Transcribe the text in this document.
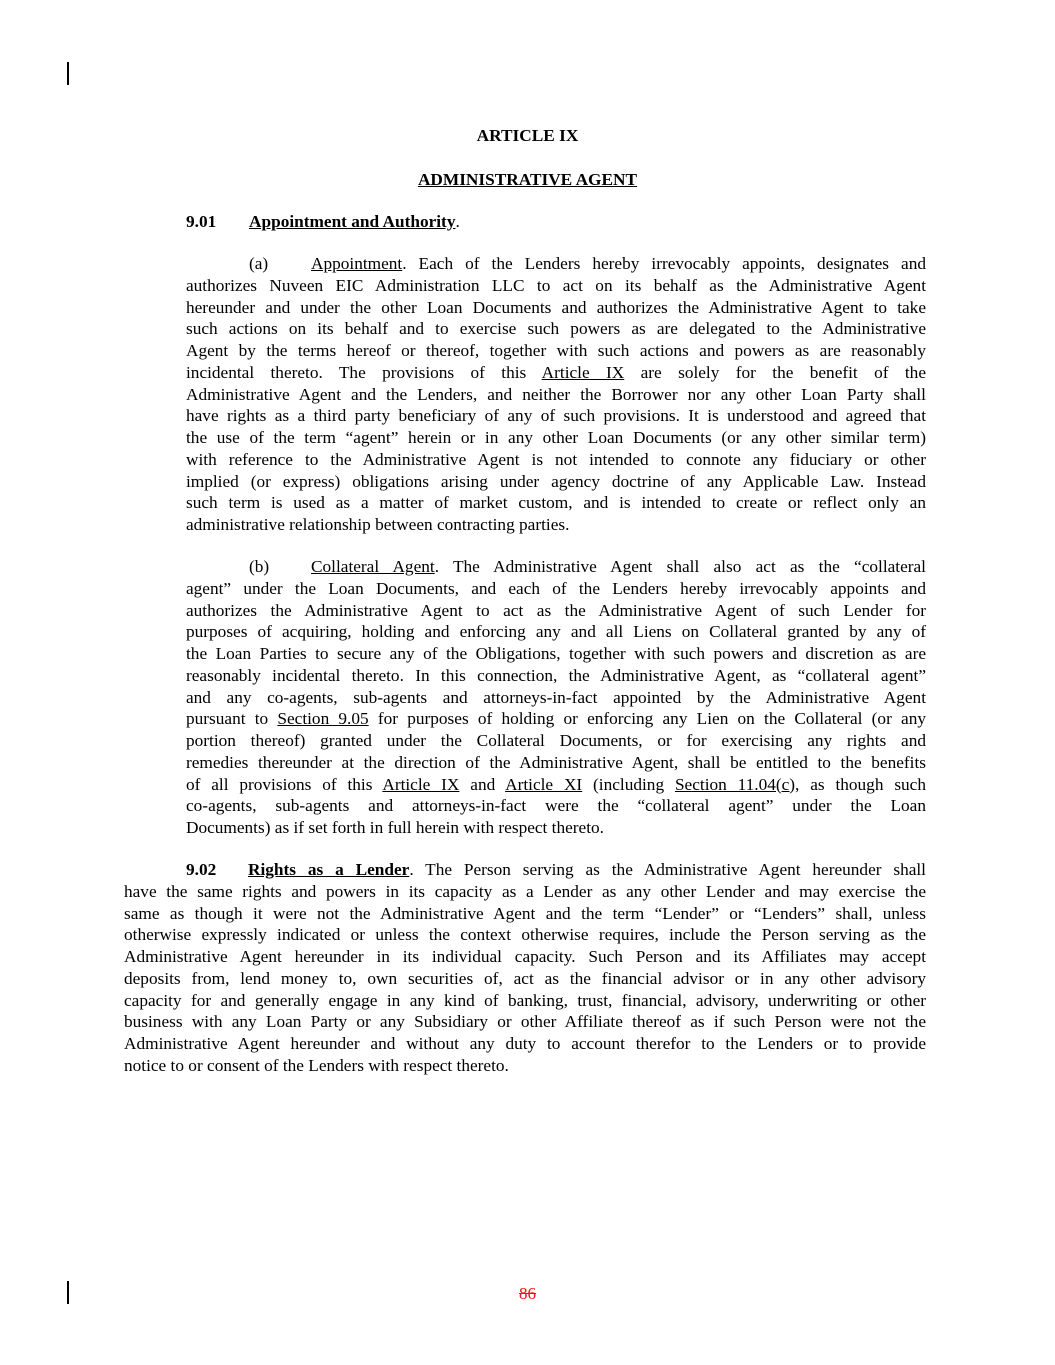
ARTICLE IX
ADMINISTRATIVE AGENT
9.01 Appointment and Authority.
(a) Appointment. Each of the Lenders hereby irrevocably appoints, designates and
authorizes Nuveen EIC Administration LLC to act on its behalf as the Administrative Agent
hereunder and under the other Loan Documents and authorizes the Administrative Agent to take
such actions on its behalf and to exercise such powers as are delegated to the Administrative
Agent by the terms hereof or thereof, together with such actions and powers as are reasonably
incidental thereto. The provisions of this Article IX are solely for the benefit of the
Administrative Agent and the Lenders, and neither the Borrower nor any other Loan Party shall
have rights as a third party beneficiary of any of such provisions. It is understood and agreed that
the use of the term “agent” herein or in any other Loan Documents (or any other similar term)
with reference to the Administrative Agent is not intended to connote any fiduciary or other
implied (or express) obligations arising under agency doctrine of any Applicable Law. Instead
such term is used as a matter of market custom, and is intended to create or reflect only an
administrative relationship between contracting parties.
(b) Collateral Agent. The Administrative Agent shall also act as the “collateral
agent” under the Loan Documents, and each of the Lenders hereby irrevocably appoints and
authorizes the Administrative Agent to act as the Administrative Agent of such Lender for
purposes of acquiring, holding and enforcing any and all Liens on Collateral granted by any of
the Loan Parties to secure any of the Obligations, together with such powers and discretion as are
reasonably incidental thereto. In this connection, the Administrative Agent, as “collateral agent”
and any co-agents, sub-agents and attorneys-in-fact appointed by the Administrative Agent
pursuant to Section 9.05 for purposes of holding or enforcing any Lien on the Collateral (or any
portion thereof) granted under the Collateral Documents, or for exercising any rights and
remedies thereunder at the direction of the Administrative Agent, shall be entitled to the benefits
of all provisions of this Article IX and Article XI (including Section 11.04(c), as though such
co-agents, sub-agents and attorneys-in-fact were the “collateral agent” under the Loan
Documents) as if set forth in full herein with respect thereto.
9.02 Rights as a Lender. The Person serving as the Administrative Agent hereunder shall
have the same rights and powers in its capacity as a Lender as any other Lender and may exercise the
same as though it were not the Administrative Agent and the term “Lender” or “Lenders” shall, unless
otherwise expressly indicated or unless the context otherwise requires, include the Person serving as the
Administrative Agent hereunder in its individual capacity. Such Person and its Affiliates may accept
deposits from, lend money to, own securities of, act as the financial advisor or in any other advisory
capacity for and generally engage in any kind of banking, trust, financial, advisory, underwriting or other
business with any Loan Party or any Subsidiary or other Affiliate thereof as if such Person were not the
Administrative Agent hereunder and without any duty to account therefor to the Lenders or to provide
notice to or consent of the Lenders with respect thereto.
86
